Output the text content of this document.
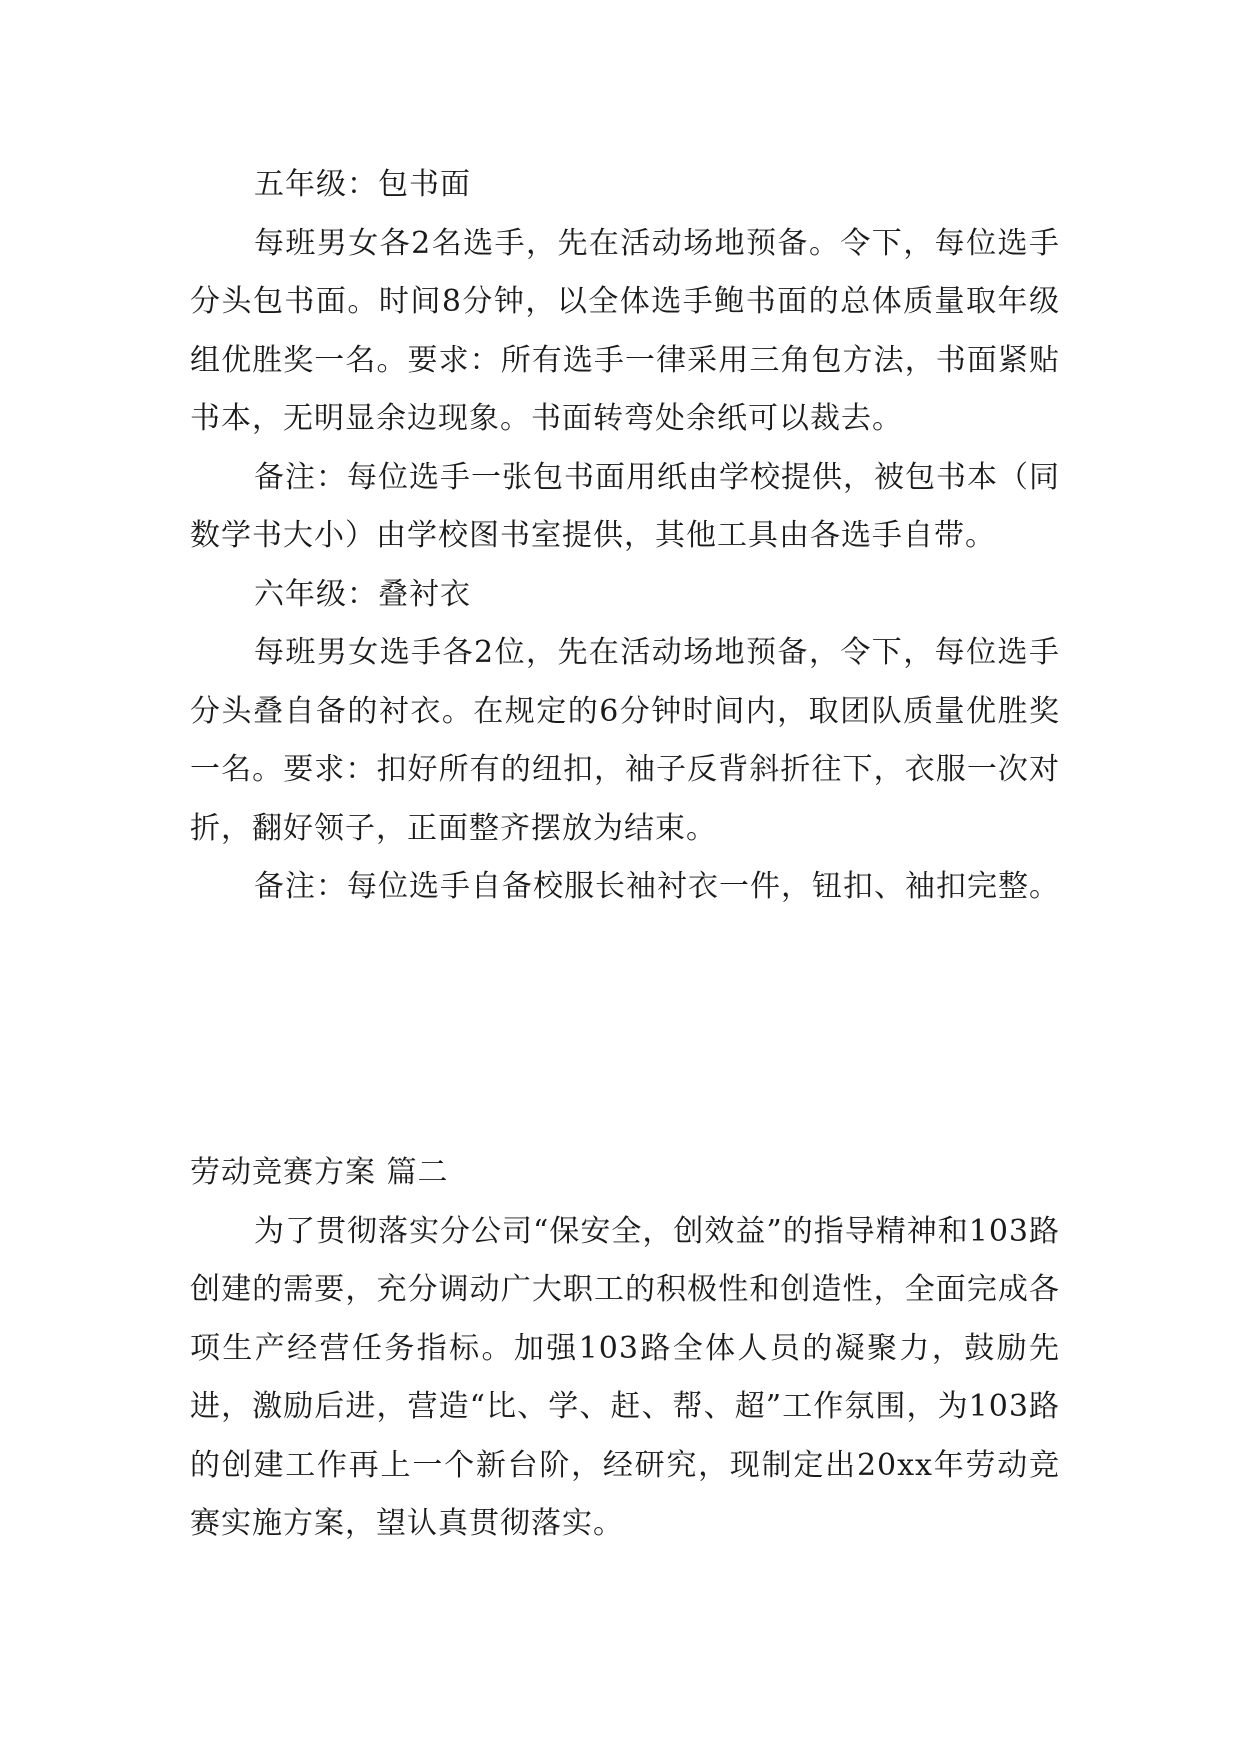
五年级：包书面

每班男女各2名选手，先在活动场地预备。令下，每位选手分头包书面。时间8分钟，以全体选手鲍书面的总体质量取年级组优胜奖一名。要求：所有选手一律采用三角包方法，书面紧贴书本，无明显余边现象。书面转弯处余纸可以裁去。

备注：每位选手一张包书面用纸由学校提供，被包书本（同数学书大小）由学校图书室提供，其他工具由各选手自带。

六年级：叠衬衣

每班男女选手各2位，先在活动场地预备，令下，每位选手分头叠自备的衬衣。在规定的6分钟时间内，取团队质量优胜奖一名。要求：扣好所有的纽扣，袖子反背斜折往下，衣服一次对折，翻好领子，正面整齐摆放为结束。

备注：每位选手自备校服长袖衬衣一件，钮扣、袖扣完整。

劳动竞赛方案 篇二

为了贯彻落实分公司“保安全，创效益”的指导精神和103路创建的需要，充分调动广大职工的积极性和创造性，全面完成各项生产经营任务指标。加强103路全体人员的凝聚力，鼓励先进，激励后进，营造“比、学、赶、帮、超”工作氛围，为103路的创建工作再上一个新台阶，经研究，现制定出20xx年劳动竞赛实施方案，望认真贯彻落实。
